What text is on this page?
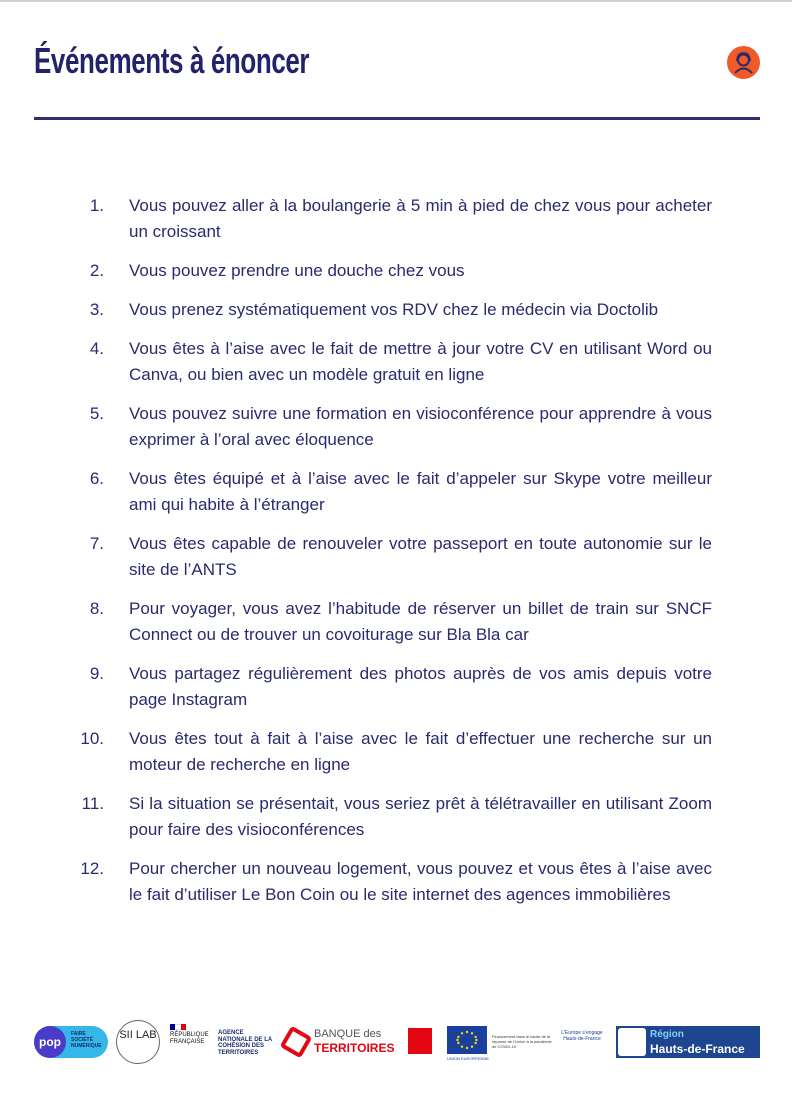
Événements à énoncer
1. Vous pouvez aller à la boulangerie à 5 min à pied de chez vous pour acheter un croissant
2. Vous pouvez prendre une douche chez vous
3. Vous prenez systématiquement vos RDV chez le médecin via Doctolib
4. Vous êtes à l’aise avec le fait de mettre à jour votre CV en utilisant Word ou Canva, ou bien avec un modèle gratuit en ligne
5. Vous pouvez suivre une formation en visioconférence pour apprendre à vous exprimer à l’oral avec éloquence
6. Vous êtes équipé et à l’aise avec le fait d’appeler sur Skype votre meilleur ami qui habite à l’étranger
7. Vous êtes capable de renouveler votre passeport en toute autonomie sur le site de l’ANTS
8. Pour voyager, vous avez l’habitude de réserver un billet de train sur SNCF Connect ou de trouver un covoiturage sur Bla Bla car
9. Vous partagez régulièrement des photos auprès de vos amis depuis votre page Instagram
10. Vous êtes tout à fait à l’aise avec le fait d’effectuer une recherche sur un moteur de recherche en ligne
11. Si la situation se présentait, vous seriez prêt à télétravailler en utilisant Zoom pour faire des visioconférences
12. Pour chercher un nouveau logement, vous pouvez et vous êtes à l’aise avec le fait d’utiliser Le Bon Coin ou le site internet des agences immobilières
pop
FAIRE SOCIÉTÉ NUMÉRIQUE
SII LAB	RÉPUBLIQUE FRANÇAISE
AGENCE NATIONALE DE LA COHÉSION DES TERRITOIRES
BANQUE des
TERRITOIRES
UNION EUROPÉENNE
Financement dans le cadre de la réponse de l’Union à la pandémie de COVID-19
L’Europe s’engage Hauts-de-France	Région
Hauts-de-France
